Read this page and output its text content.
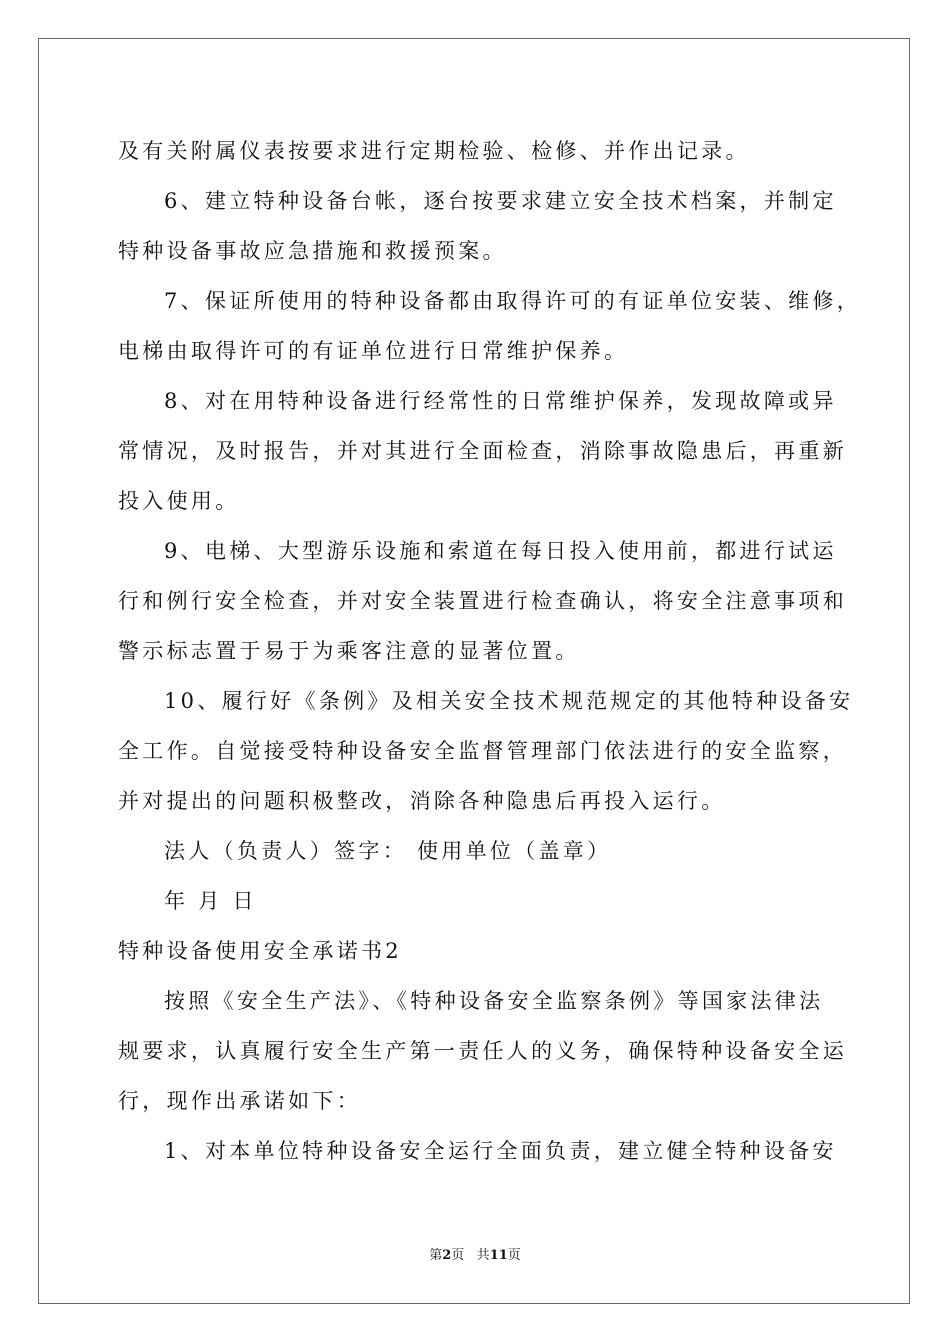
及有关附属仪表按要求进行定期检验、检修、并作出记录。
6、建立特种设备台帐，逐台按要求建立安全技术档案，并制定
特种设备事故应急措施和救援预案。
7、保证所使用的特种设备都由取得许可的有证单位安装、维修，
电梯由取得许可的有证单位进行日常维护保养。
8、对在用特种设备进行经常性的日常维护保养，发现故障或异
常情况，及时报告，并对其进行全面检查，消除事故隐患后，再重新
投入使用。
9、电梯、大型游乐设施和索道在每日投入使用前，都进行试运
行和例行安全检查，并对安全装置进行检查确认，将安全注意事项和
警示标志置于易于为乘客注意的显著位置。
10、履行好《条例》及相关安全技术规范规定的其他特种设备安
全工作。自觉接受特种设备安全监督管理部门依法进行的安全监察，
并对提出的问题积极整改，消除各种隐患后再投入运行。
法人（负责人）签字： 使用单位（盖章）
年 月 日
特种设备使用安全承诺书2
按照《安全生产法》、《特种设备安全监察条例》等国家法律法
规要求，认真履行安全生产第一责任人的义务，确保特种设备安全运
行，现作出承诺如下：
1、对本单位特种设备安全运行全面负责，建立健全特种设备安
第2页 共11页
